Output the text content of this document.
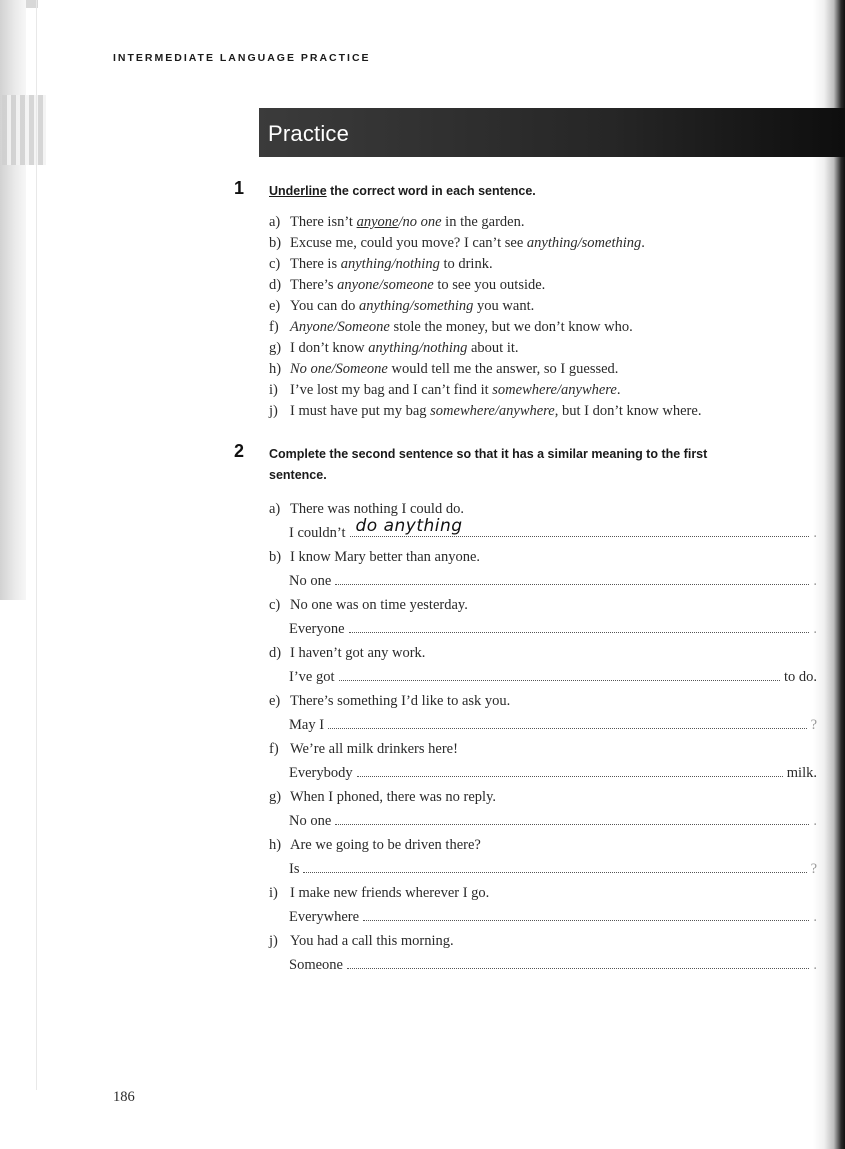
INTERMEDIATE LANGUAGE PRACTICE
Practice
1 Underline the correct word in each sentence.
a) There isn’t anyone/no one in the garden.
b) Excuse me, could you move? I can’t see anything/something.
c) There is anything/nothing to drink.
d) There’s anyone/someone to see you outside.
e) You can do anything/something you want.
f) Anyone/Someone stole the money, but we don’t know who.
g) I don’t know anything/nothing about it.
h) No one/Someone would tell me the answer, so I guessed.
i) I’ve lost my bag and I can’t find it somewhere/anywhere.
j) I must have put my bag somewhere/anywhere, but I don’t know where.
2 Complete the second sentence so that it has a similar meaning to the first
sentence.
a) There was nothing I could do.
I couldn’t do anything	.
b) I know Mary better than anyone.
No one	.
c) No one was on time yesterday.
Everyone	.
d) I haven’t got any work.
I’ve got	to do.
e) There’s something I’d like to ask you.
May I	?
f) We’re all milk drinkers here!
Everybody	milk.
g) When I phoned, there was no reply.
No one	.
h) Are we going to be driven there?
Is	?
i) I make new friends wherever I go.
Everywhere	.
j) You had a call this morning.
Someone	.
186
